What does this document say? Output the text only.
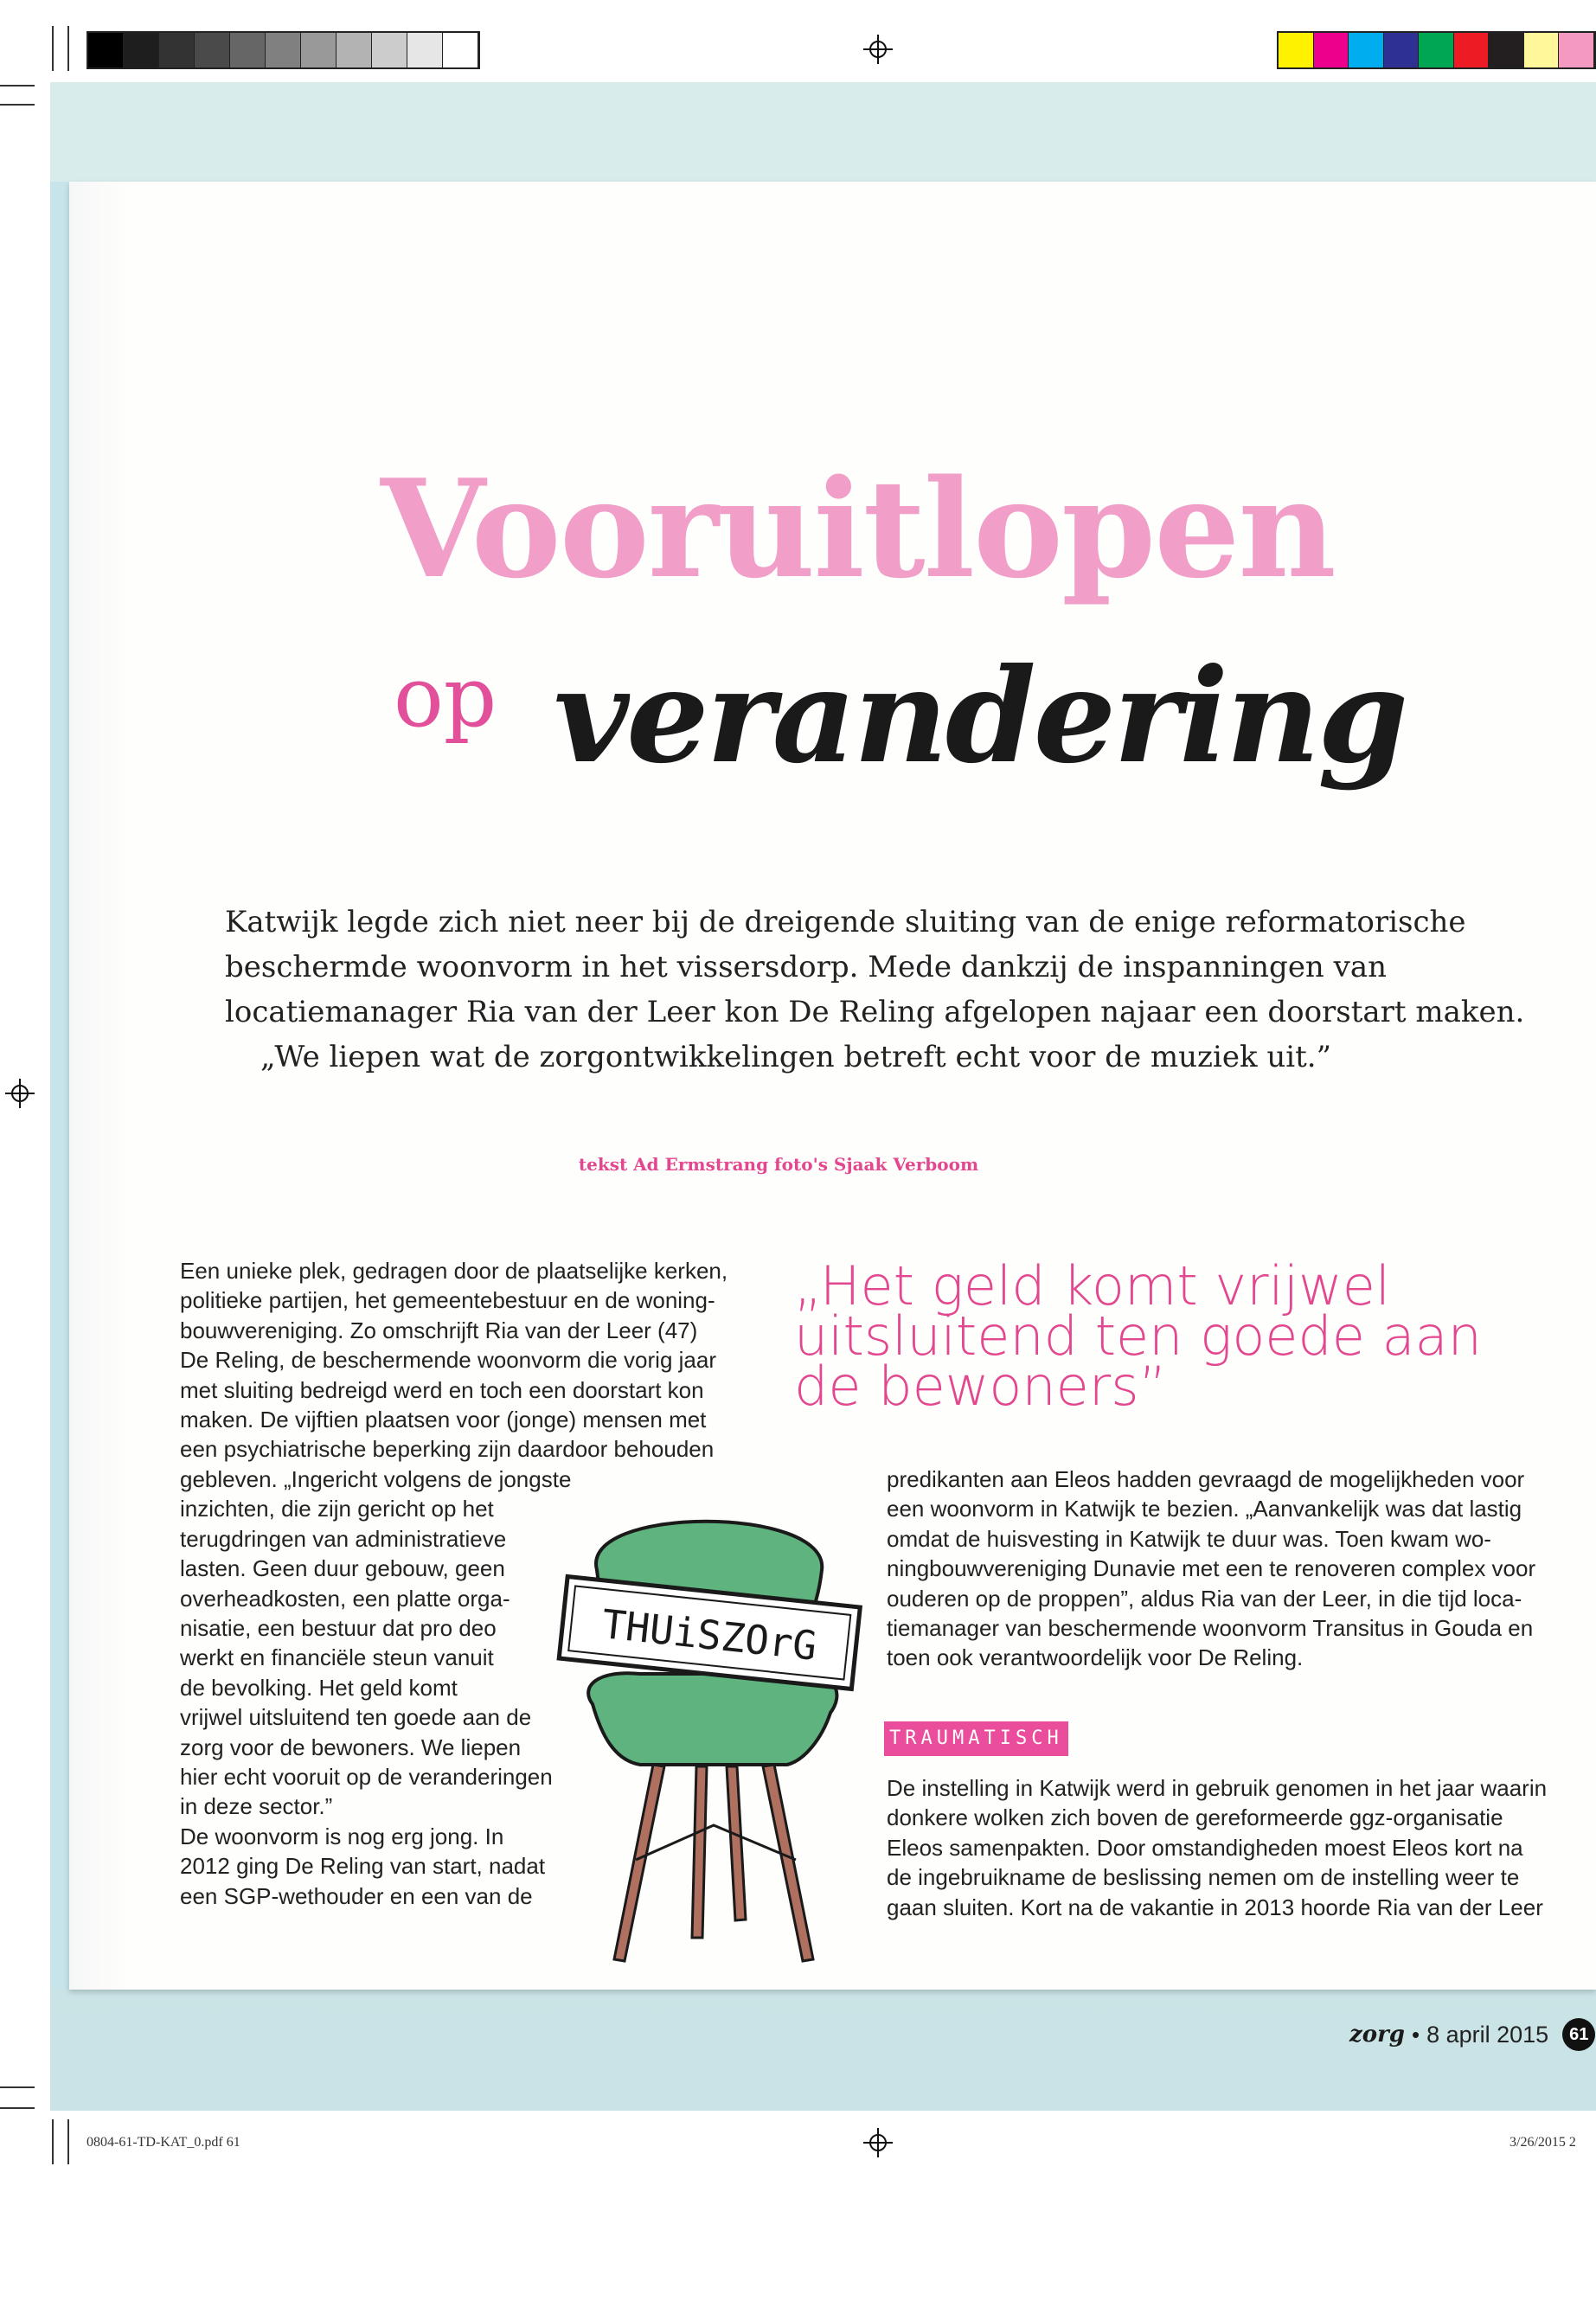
Vooruitlopen
op verandering
Katwijk legde zich niet neer bij de dreigende sluiting van de enige reformatorische
beschermde woonvorm in het vissersdorp. Mede dankzij de inspanningen van
locatiemanager Ria van der Leer kon De Reling afgelopen najaar een doorstart maken.
„We liepen wat de zorgontwikkelingen betreft echt voor de muziek uit.”
tekst Ad Ermstrang foto's Sjaak Verboom
Een unieke plek, gedragen door de plaatselijke kerken,
politieke partijen, het gemeentebestuur en de woning-
bouwvereniging. Zo omschrijft Ria van der Leer (47)
De Reling, de beschermende woonvorm die vorig jaar
met sluiting bedreigd werd en toch een doorstart kon
maken. De vijftien plaatsen voor (jonge) mensen met
een psychiatrische beperking zijn daardoor behouden
gebleven. „Ingericht volgens de jongste
inzichten, die zijn gericht op het
terugdringen van administratieve
lasten. Geen duur gebouw, geen
overheadkosten, een platte orga-
nisatie, een bestuur dat pro deo
werkt en financiële steun vanuit
de bevolking. Het geld komt
vrijwel uitsluitend ten goede aan de
zorg voor de bewoners. We liepen
hier echt vooruit op de veranderingen
in deze sector.”
De woonvorm is nog erg jong. In
2012 ging De Reling van start, nadat
een SGP-wethouder en een van de
„Het geld komt vrijwel
uitsluitend ten goede aan
de bewoners”
predikanten aan Eleos hadden gevraagd de mogelijkheden voor
een woonvorm in Katwijk te bezien. „Aanvankelijk was dat lastig
omdat de huisvesting in Katwijk te duur was. Toen kwam wo-
ningbouwvereniging Dunavie met een te renoveren complex voor
ouderen op de proppen”, aldus Ria van der Leer, in die tijd loca-
tiemanager van beschermende woonvorm Transitus in Gouda en
toen ook verantwoordelijk voor De Reling.
TRAUMATISCH
De instelling in Katwijk werd in gebruik genomen in het jaar waarin
donkere wolken zich boven de gereformeerde ggz-organisatie
Eleos samenpakten. Door omstandigheden moest Eleos kort na
de ingebruikname de beslissing nemen om de instelling weer te
gaan sluiten. Kort na de vakantie in 2013 hoorde Ria van der Leer
THUiSZOrG
zorg • 8 april 2015	61
0804-61-TD-KAT_0.pdf 61	3/26/2015 2
